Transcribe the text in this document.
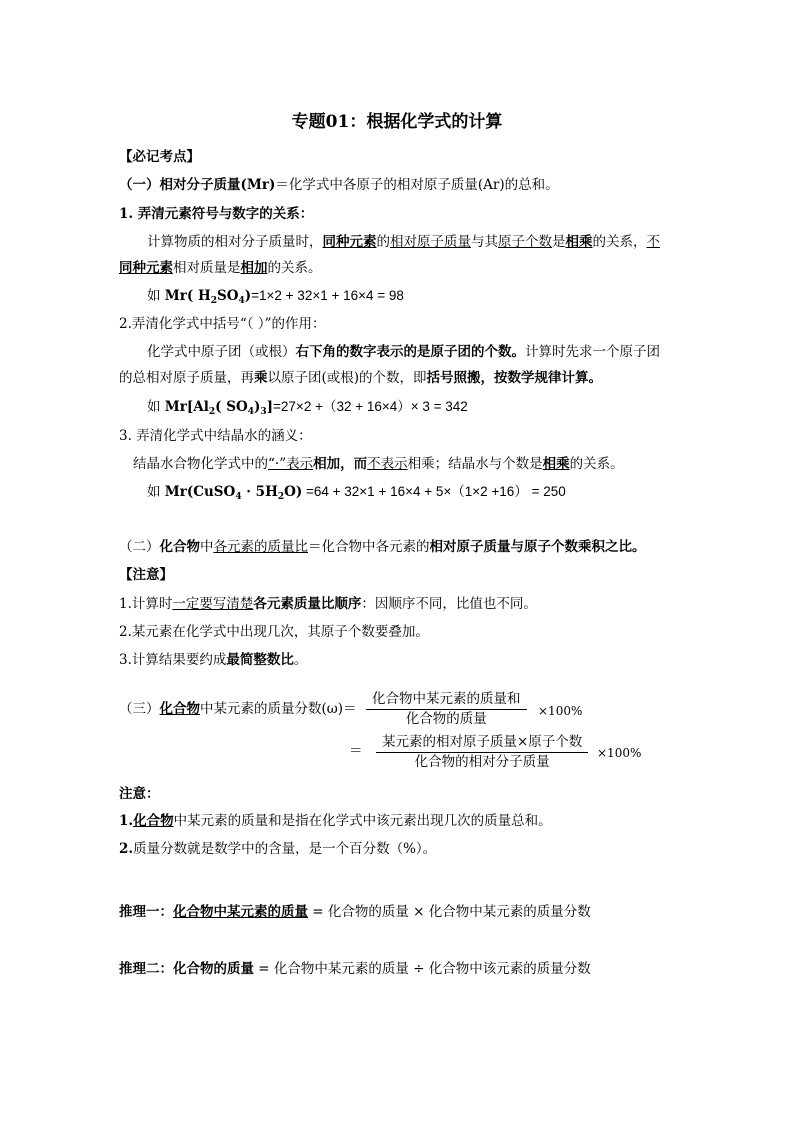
专题01：根据化学式的计算
【必记考点】
（一）相对分子质量(Mr)＝化学式中各原子的相对原子质量(Ar)的总和。
1. 弄清元素符号与数字的关系：
计算物质的相对分子质量时，同种元素的相对原子质量与其原子个数是相乘的关系，不
同种元素相对质量是相加的关系。
如 Mr( $H_2SO_4)=1\times 2 + 32\times 1 + 16\times 4 = 98$
2.弄清化学式中括号“（ ）”的作用：
化学式中原子团（或根）右下角的数字表示的是原子团的个数。计算时先求一个原子团
的总相对原子质量，再乘以原子团(或根)的个数，即括号照搬，按数学规律计算。
如 $Mr[Al_2$( $SO_4)_3]=27\times 2 +(32 + 16\times 4)\times 3 = 342$
3. 弄清化学式中结晶水的涵义：
结晶水合物化学式中的“·”表示相加，而不表示相乘；结晶水与个数是相乘的关系。
如 Mr(CuSO$_4$ · $5H_2O) =64 + 32\times 1 + 16\times 4 + 5\times(1\times 2 +16) = 250$
（二）化合物中各元素的质量比＝化合物中各元素的相对原子质量与原子个数乘积之比。
【注意】
1.计算时一定要写清楚各元素质量比顺序：因顺序不同，比值也不同。
2.某元素在化学式中出现几次，其原子个数要叠加。
3.计算结果要约成最简整数比。
（三）化合物中某元素的质量分数(ω)＝
化合物中某元素的质量和
化合物的质量	×100%
＝
某元素的相对原子质量×原子个数
化合物的相对分子质量
×100%
注意：
1.化合物中某元素的质量和是指在化学式中该元素出现几次的质量总和。
2.质量分数就是数学中的含量，是一个百分数（%）。
推理一：化合物中某元素的质量 = 化合物的质量 × 化合物中某元素的质量分数
推理二：化合物的质量 = 化合物中某元素的质量 ÷ 化合物中该元素的质量分数
